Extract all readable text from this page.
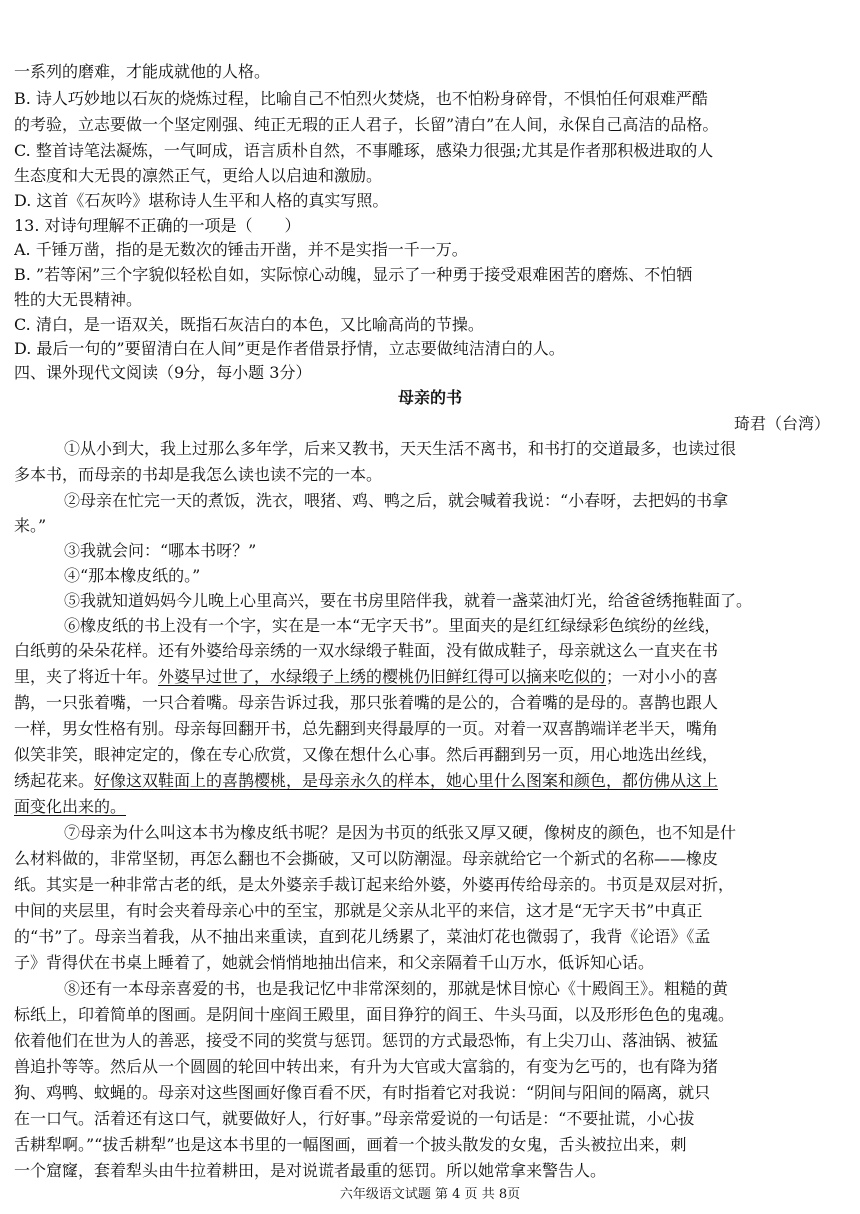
一系列的磨难，才能成就他的人格。
B. 诗人巧妙地以石灰的烧炼过程，比喻自己不怕烈火焚烧，也不怕粉身碎骨，不惧怕任何艰难严酷
的考验，立志要做一个坚定刚强、纯正无瑕的正人君子，长留”清白”在人间，永保自己高洁的品格。
C. 整首诗笔法凝炼，一气呵成，语言质朴自然，不事雕琢，感染力很强;尤其是作者那积极进取的人
生态度和大无畏的凛然正气，更给人以启迪和激励。
D. 这首《石灰吟》堪称诗人生平和人格的真实写照。
13. 对诗句理解不正确的一项是（　　）
A. 千锤万凿，指的是无数次的锤击开凿，并不是实指一千一万。
B. ”若等闲”三个字貌似轻松自如，实际惊心动魄，显示了一种勇于接受艰难困苦的磨炼、不怕牺
牲的大无畏精神。
C. 清白，是一语双关，既指石灰洁白的本色，又比喻高尚的节操。
D. 最后一句的”要留清白在人间”更是作者借景抒情，立志要做纯洁清白的人。
四、课外现代文阅读（9分，每小题 3分）
母亲的书
琦君（台湾）
①从小到大，我上过那么多年学，后来又教书，天天生活不离书，和书打的交道最多，也读过很
多本书，而母亲的书却是我怎么读也读不完的一本。
②母亲在忙完一天的煮饭，洗衣，喂猪、鸡、鸭之后，就会喊着我说：“小春呀，去把妈的书拿
来。”
③我就会问：“哪本书呀？”
④“那本橡皮纸的。”
⑤我就知道妈妈今儿晚上心里高兴，要在书房里陪伴我，就着一盏菜油灯光，给爸爸绣拖鞋面了。
⑥橡皮纸的书上没有一个字，实在是一本“无字天书”。里面夹的是红红绿绿彩色缤纷的丝线，
白纸剪的朵朵花样。还有外婆给母亲绣的一双水绿缎子鞋面，没有做成鞋子，母亲就这么一直夹在书
里，夹了将近十年。外婆早过世了，水绿缎子上绣的樱桃仍旧鲜红得可以摘来吃似的；一对小小的喜
鹊，一只张着嘴，一只合着嘴。母亲告诉过我，那只张着嘴的是公的，合着嘴的是母的。喜鹊也跟人
一样，男女性格有别。母亲每回翻开书，总先翻到夹得最厚的一页。对着一双喜鹊端详老半天，嘴角
似笑非笑，眼神定定的，像在专心欣赏，又像在想什么心事。然后再翻到另一页，用心地选出丝线，
绣起花来。好像这双鞋面上的喜鹊樱桃，是母亲永久的样本，她心里什么图案和颜色，都仿佛从这上
面变化出来的。
⑦母亲为什么叫这本书为橡皮纸书呢？是因为书页的纸张又厚又硬，像树皮的颜色，也不知是什
么材料做的，非常坚韧，再怎么翻也不会撕破，又可以防潮湿。母亲就给它一个新式的名称——橡皮
纸。其实是一种非常古老的纸，是太外婆亲手裁订起来给外婆，外婆再传给母亲的。书页是双层对折，
中间的夹层里，有时会夹着母亲心中的至宝，那就是父亲从北平的来信，这才是“无字天书”中真正
的“书”了。母亲当着我，从不抽出来重读，直到花儿绣累了，菜油灯花也微弱了，我背《论语》《孟
子》背得伏在书桌上睡着了，她就会悄悄地抽出信来，和父亲隔着千山万水，低诉知心话。
⑧还有一本母亲喜爱的书，也是我记忆中非常深刻的，那就是怵目惊心《十殿阎王》。粗糙的黄
标纸上，印着简单的图画。是阴间十座阎王殿里，面目狰狞的阎王、牛头马面，以及形形色色的鬼魂。
依着他们在世为人的善恶，接受不同的奖赏与惩罚。惩罚的方式最恐怖，有上尖刀山、落油锅、被猛
兽追扑等等。然后从一个圆圆的轮回中转出来，有升为大官或大富翁的，有变为乞丐的，也有降为猪
狗、鸡鸭、蚊蝇的。母亲对这些图画好像百看不厌，有时指着它对我说：“阴间与阳间的隔离，就只
在一口气。活着还有这口气，就要做好人，行好事。”母亲常爱说的一句话是：“不要扯谎，小心拔
舌耕犁啊。”“拔舌耕犁”也是这本书里的一幅图画，画着一个披头散发的女鬼，舌头被拉出来，刺
一个窟窿，套着犁头由牛拉着耕田，是对说谎者最重的惩罚。所以她常拿来警告人。
六年级语文试题 第 4 页 共 8页
